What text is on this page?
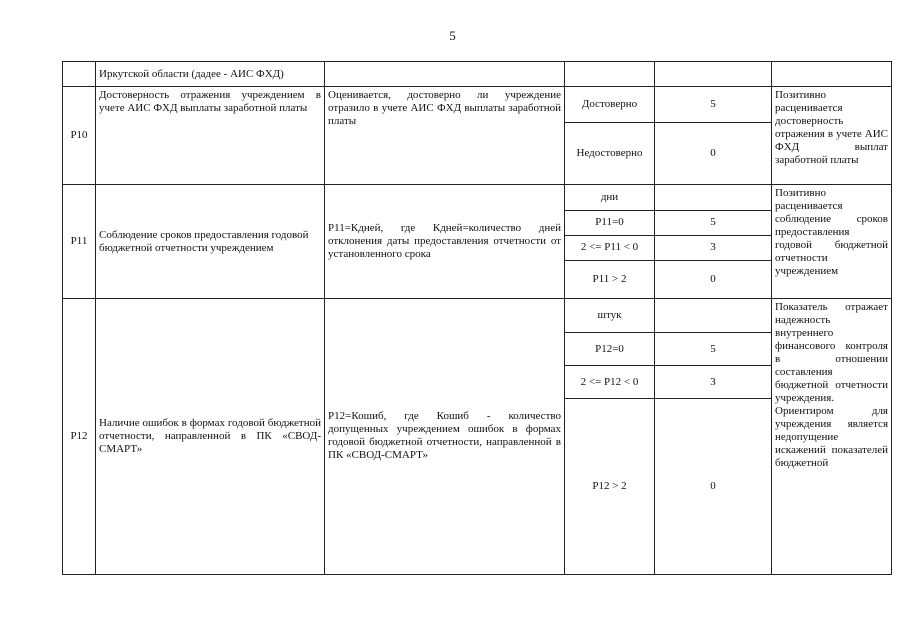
5
	Иркутской области (дадее - АИС ФХД)				
Р10	Достоверность отражения учреждением в учете АИС ФХД выплаты заработной платы	Оценивается, достоверно ли учреждение отразило в учете АИС ФХД выплаты заработной платы	Достоверно	5	Позитивно расценивается достоверность отражения в учете АИС ФХД выплат заработной платы
			Недостоверно	0	
Р11	Соблюдение сроков предоставления годовой бюджетной отчетности учреждением	Р11=Кдней, где Кдней=количество дней отклонения даты предоставления отчетности от установленного срока	дни		Позитивно расценивается соблюдение сроков предоставления годовой бюджетной отчетности учреждением
			Р11=0	5	
			2 <= Р11 < 0	3	
			Р11 > 2	0	
Р12	Наличие ошибок в формах годовой бюджетной отчетности, направленной в ПК «СВОД-СМАРТ»	Р12=Кошиб, где Кошиб - количество допущенных учреждением ошибок в формах годовой бюджетной отчетности, направленной в ПК «СВОД-СМАРТ»	штук		Показатель отражает надежность внутреннего финансового контроля в отношении составления бюджетной отчетности учреждения. Ориентиром для учреждения является недопущение искажений показателей бюджетной
			Р12=0	5	
			2 <= Р12 < 0	3	
			Р12 > 2	0	
